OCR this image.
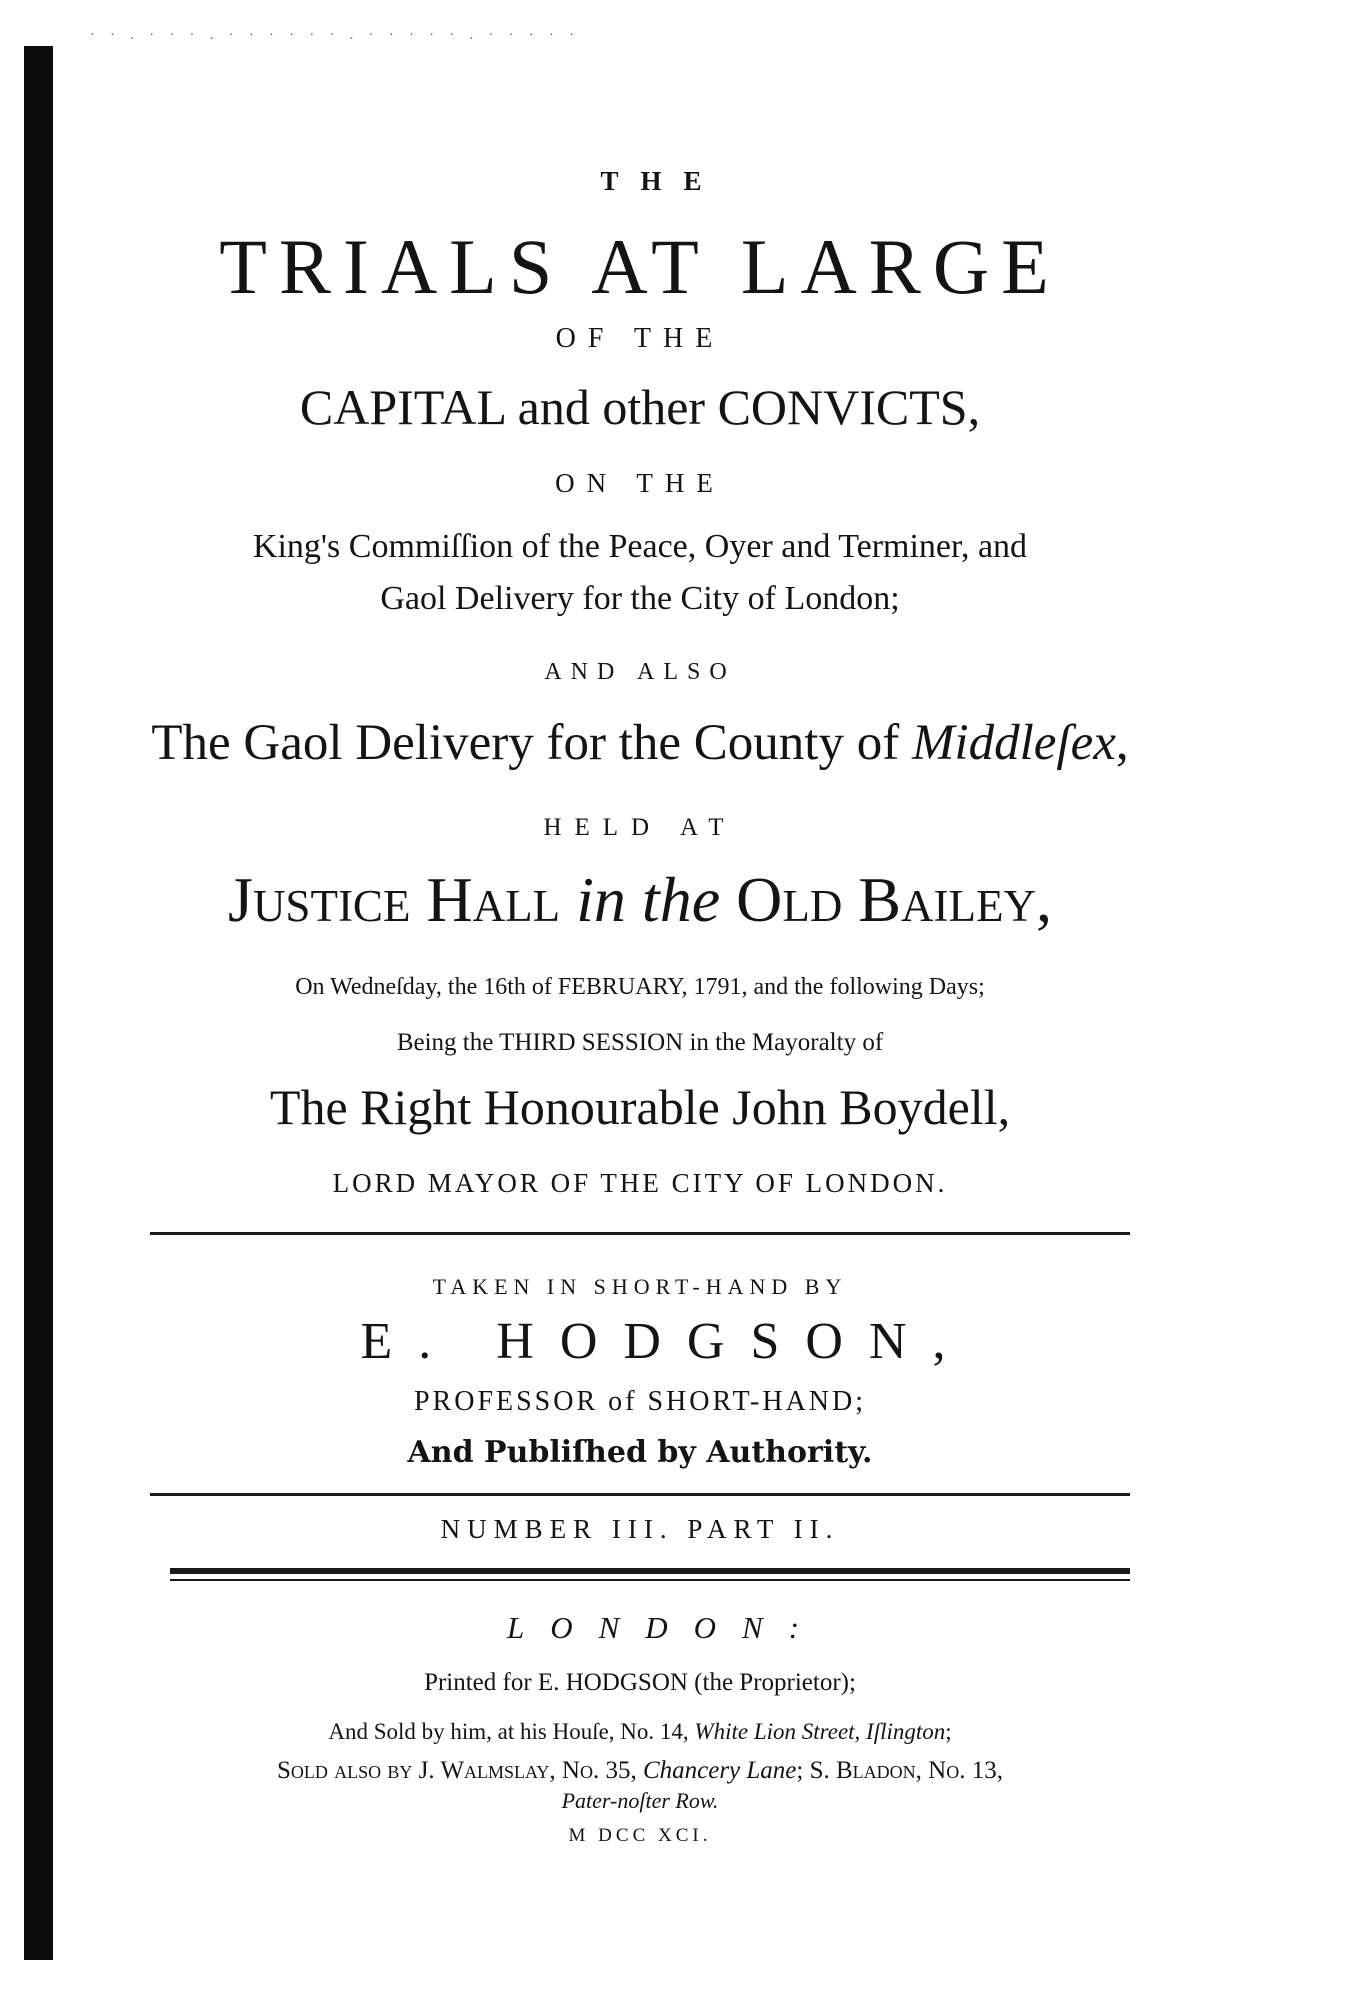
· · . · · · . · · · · · · . · · · · · . · · · · ·
THE
TRIALS AT LARGE
OF THE
CAPITAL and other CONVICTS,
ON THE
King's Commiſſion of the Peace, Oyer and Terminer, and
Gaol Delivery for the City of London;
AND ALSO
The Gaol Delivery for the County of Middleſex,
HELD AT
Justice Hall in the Old Bailey,
On Wedneſday, the 16th of FEBRUARY, 1791, and the following Days;
Being the THIRD SESSION in the Mayoralty of
The Right Honourable John Boydell,
LORD MAYOR OF THE CITY OF LONDON.
TAKEN IN SHORT-HAND BY
E. HODGSON,
PROFESSOR of SHORT-HAND;
And Publiſhed by Authority.
NUMBER III. PART II.
LONDON:
Printed for E. HODGSON (the Proprietor);
And Sold by him, at his Houſe, No. 14, White Lion Street, Iſlington;
Sold alſo by J. Walmslay, No. 35, Chancery Lane; S. Bladon, No. 13,
Pater-noſter Row.
M DCC XCI.
